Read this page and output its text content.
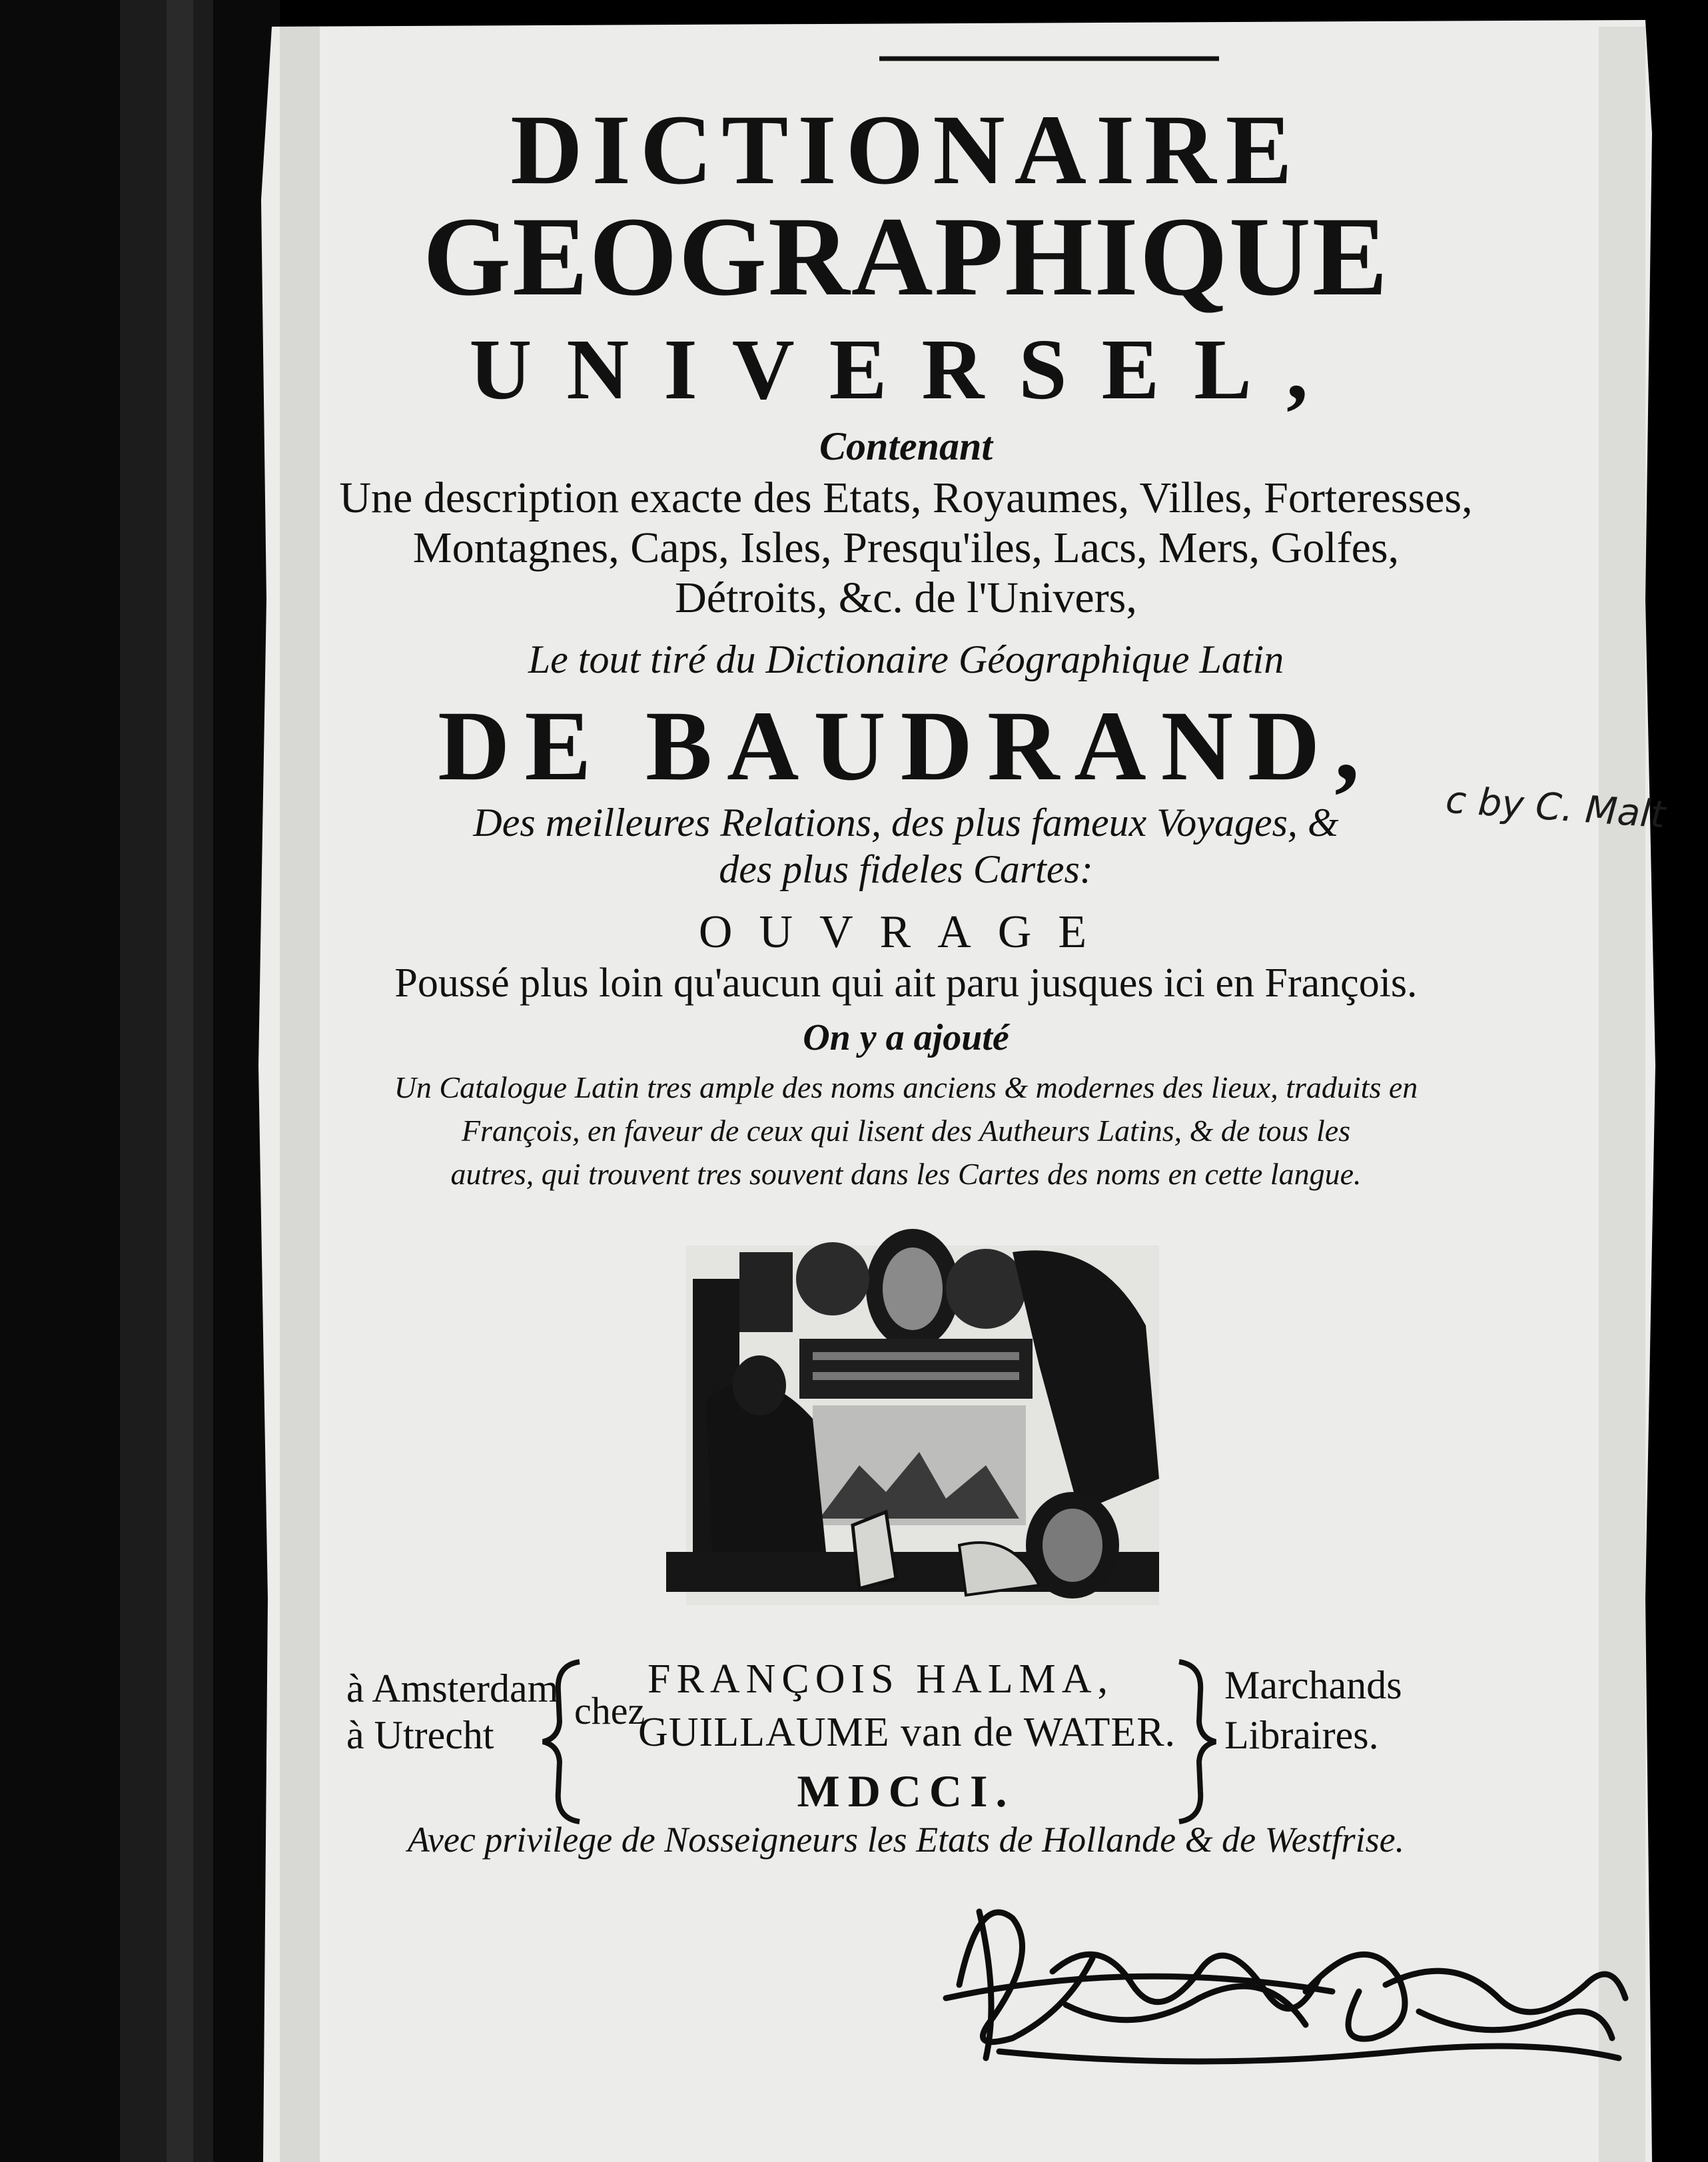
DICTIONAIRE
GEOGRAPHIQUE
UNIVERSEL,
Contenant
Une description exacte des Etats, Royaumes, Villes, Forteresses,
Montagnes, Caps, Isles, Presqu'iles, Lacs, Mers, Golfes,
Détroits, &c. de l'Univers,
Le tout tiré du Dictionaire Géographique Latin
DE BAUDRAND,
Des meilleures Relations, des plus fameux Voyages, &
des plus fideles Cartes:
OUVRAGE
Poussé plus loin qu'aucun qui ait paru jusques ici en François.
On y a ajouté
Un Catalogue Latin tres ample des noms anciens & modernes des lieux, traduits en
François, en faveur de ceux qui lisent des Autheurs Latins, & de tous les
autres, qui trouvent tres souvent dans les Cartes des noms en cette langue.
c by C. Malt
à Amsterdam
à Utrecht
chez
FRANÇOIS HALMA,
GUILLAUME van de WATER.
Marchands
Libraires.
MDCCI.
Avec privilege de Nosseigneurs les Etats de Hollande & de Westfrise.
